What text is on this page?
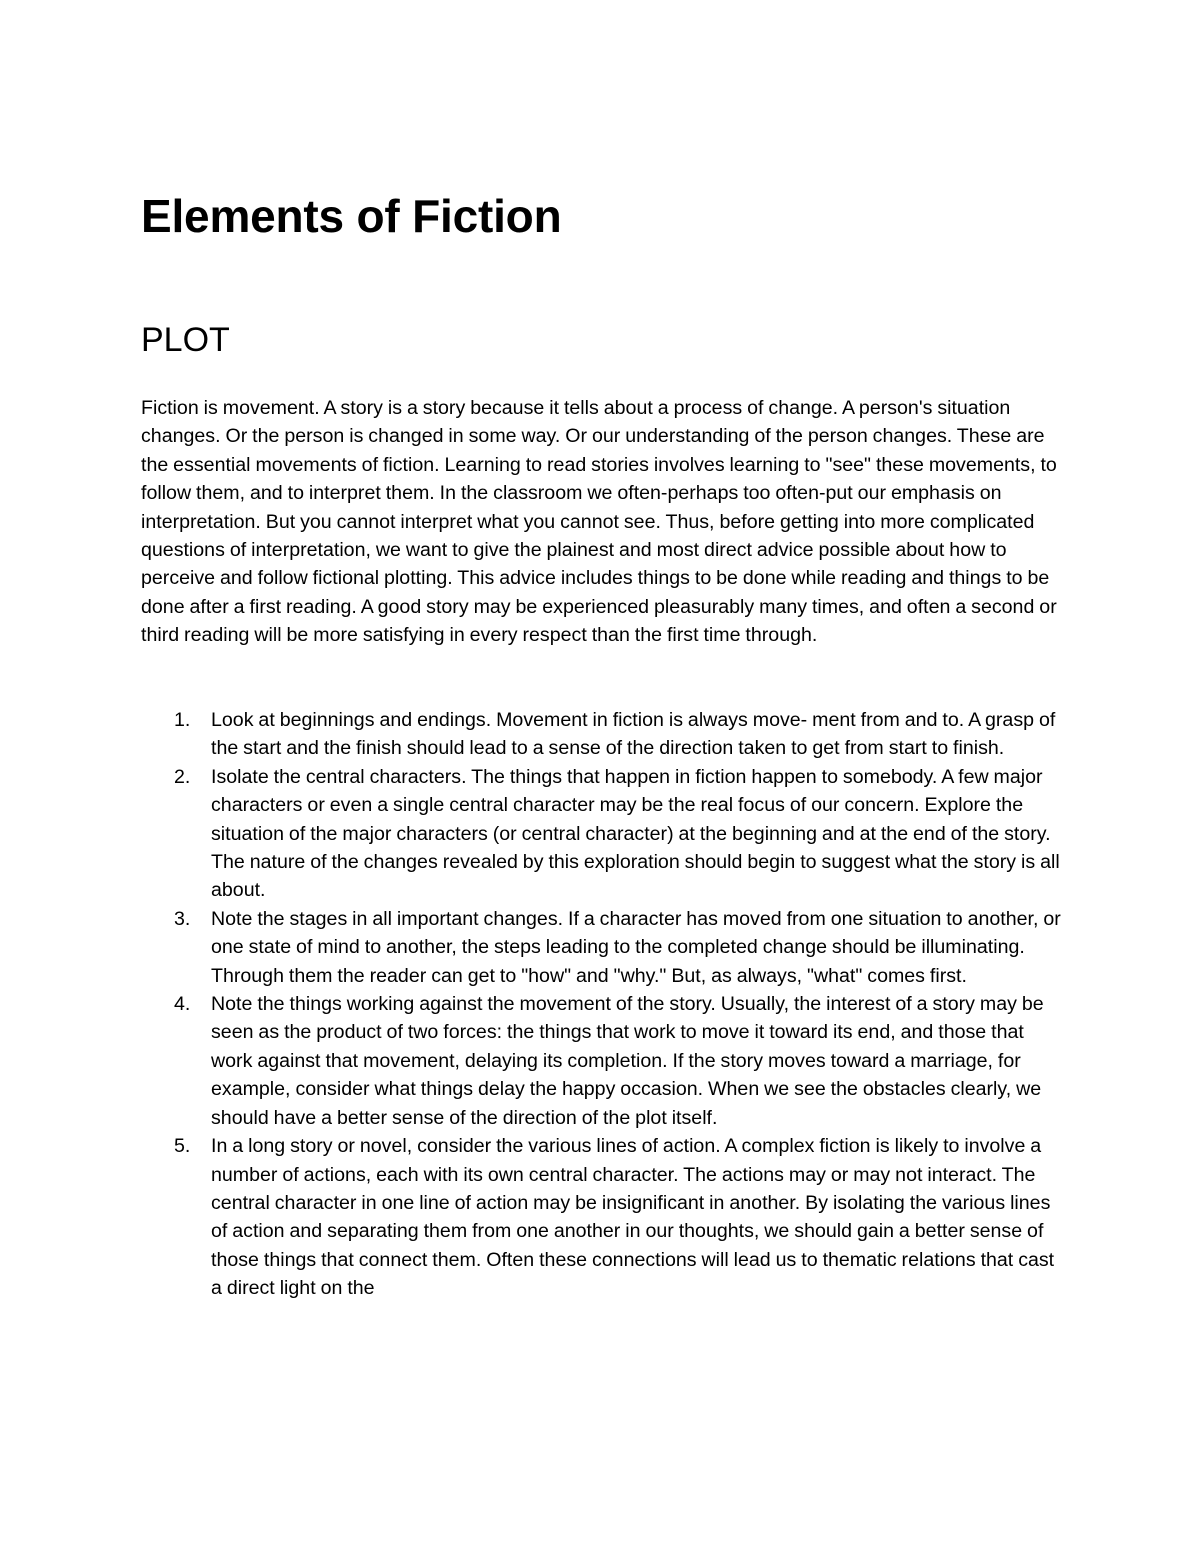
Elements of Fiction
PLOT

Fiction is movement. A story is a story because it tells about a process of change. A person's situation changes. Or the person is changed in some way. Or our understanding of the person changes. These are the essential movements of fiction. Learning to read stories involves learning to "see" these movements, to follow them, and to interpret them. In the classroom we often-perhaps too often-put our emphasis on interpretation. But you cannot interpret what you cannot see. Thus, before getting into more complicated questions of interpretation, we want to give the plainest and most direct advice possible about how to perceive and follow fictional plotting. This advice includes things to be done while reading and things to be done after a first reading. A good story may be experienced pleasurably many times, and often a second or third reading will be more satisfying in every respect than the first time through.

1.	Look at beginnings and endings. Movement in fiction is always move- ment from and to. A grasp of the start and the finish should lead to a sense of the direction taken to get from start to finish.
2.	Isolate the central characters. The things that happen in fiction happen to somebody. A few major characters or even a single central character may be the real focus of our concern. Explore the situation of the major characters (or central character) at the beginning and at the end of the story. The nature of the changes revealed by this exploration should begin to suggest what the story is all about.
3.	Note the stages in all important changes. If a character has moved from one situation to another, or one state of mind to another, the steps leading to the completed change should be illuminating. Through them the reader can get to "how" and "why." But, as always, "what" comes first.
4.	Note the things working against the movement of the story. Usually, the interest of a story may be seen as the product of two forces: the things that work to move it toward its end, and those that work against that movement, delaying its completion. If the story moves toward a marriage, for example, consider what things delay the happy occasion. When we see the obstacles clearly, we should have a better sense of the direction of the plot itself.
5.	In a long story or novel, consider the various lines of action. A complex fiction is likely to involve a number of actions, each with its own central character. The actions may or may not interact. The central character in one line of action may be insignificant in another. By isolating the various lines of action and separating them from one another in our thoughts, we should gain a better sense of those things that connect them. Often these connections will lead us to thematic relations that cast a direct light on the
